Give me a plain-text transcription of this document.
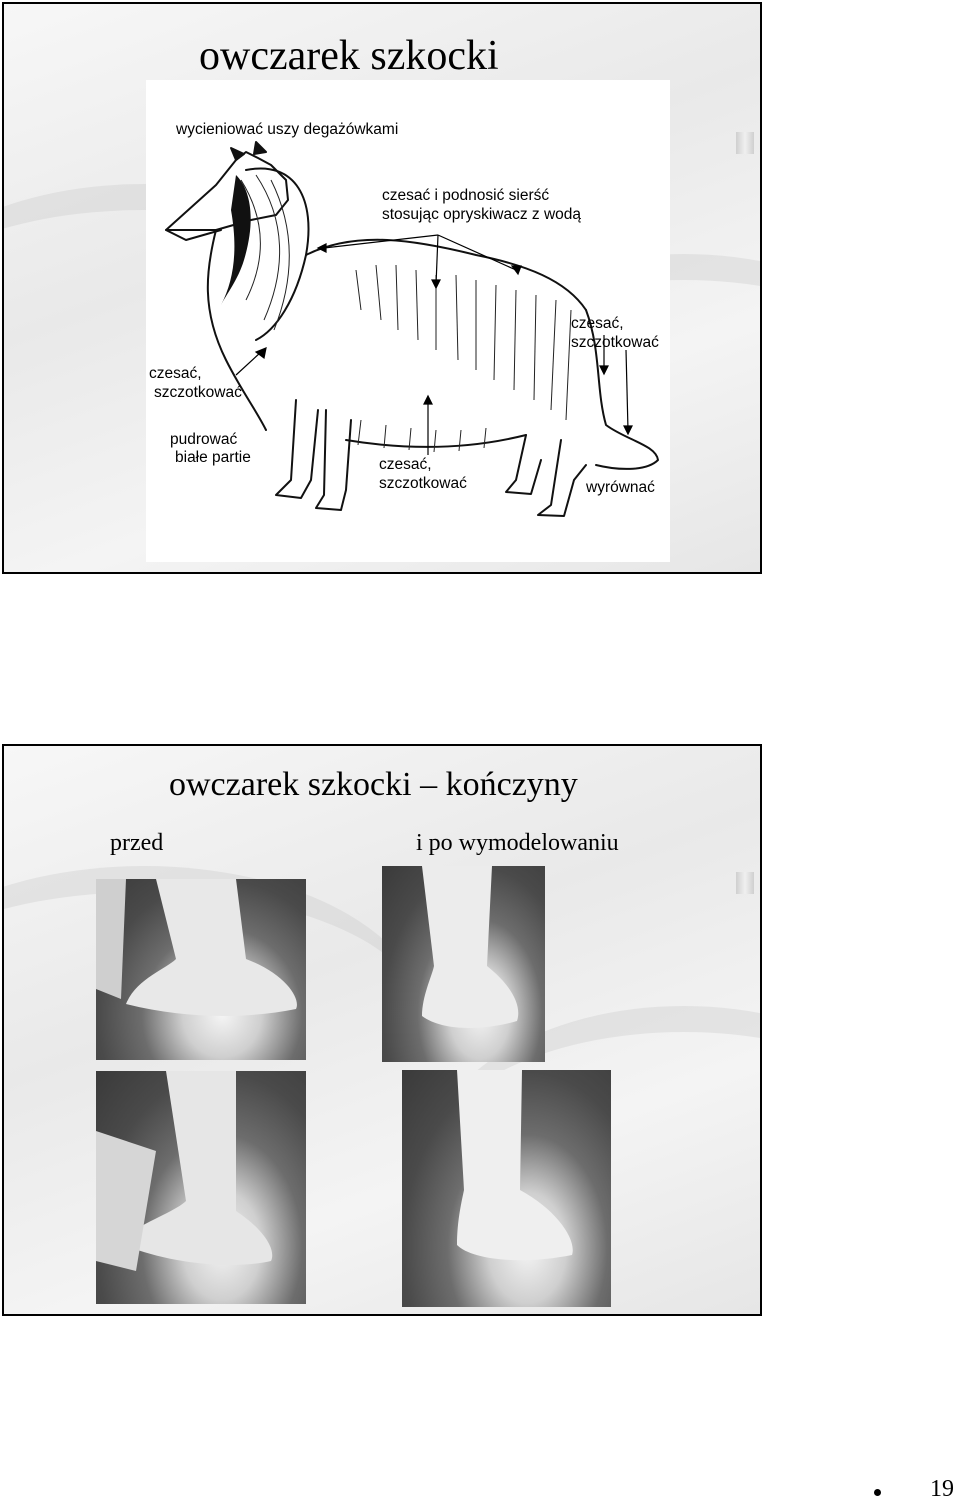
owczarek szkocki
wycieniować uszy degażówkami
czesać i podnosić sierść
stosując opryskiwacz z wodą
czesać,
szczotkować
czesać,
szczotkować
pudrować
białe partie	czesać,
szczotkować	wyrównać
owczarek szkocki – kończyny
przed	i po wymodelowaniu
19
